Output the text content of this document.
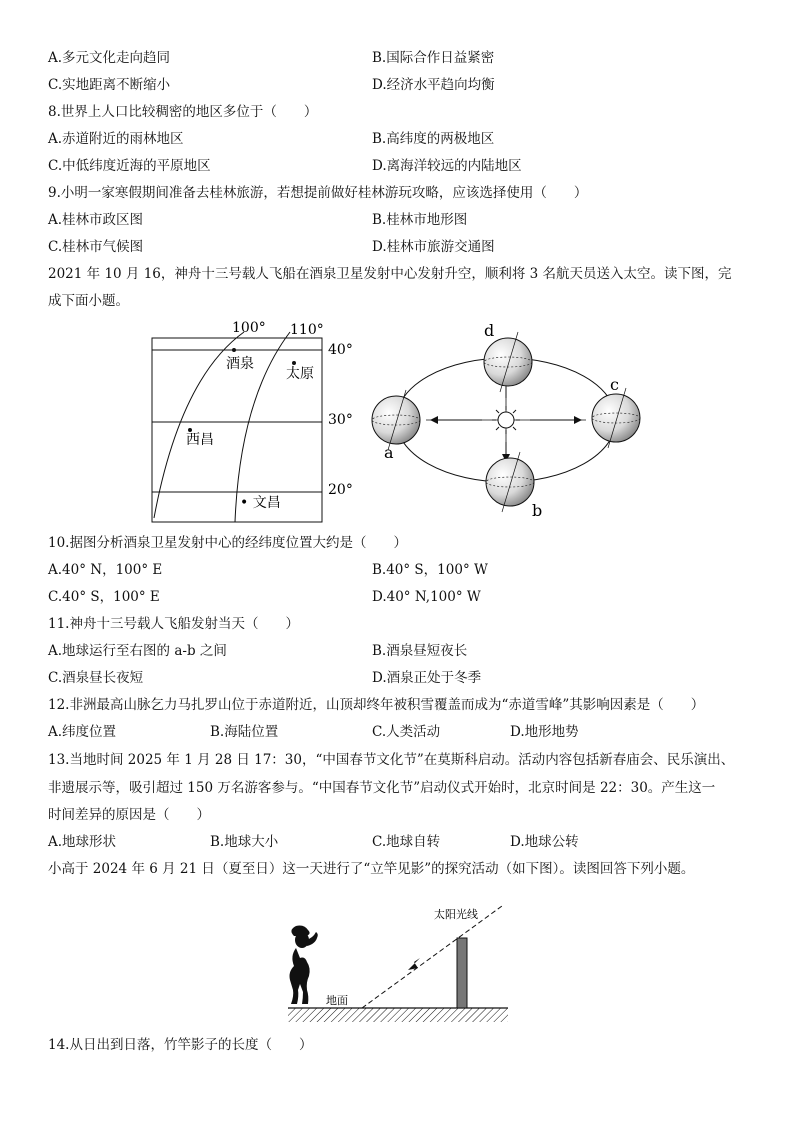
A.多元文化走向趋同	B.国际合作日益紧密
C.实地距离不断缩小	D.经济水平趋向均衡
8.世界上人口比较稠密的地区多位于（　　）
A.赤道附近的雨林地区	B.高纬度的两极地区
C.中低纬度近海的平原地区	D.离海洋较远的内陆地区
9.小明一家寒假期间准备去桂林旅游，若想提前做好桂林游玩攻略，应该选择使用（　　）
A.桂林市政区图	B.桂林市地形图
C.桂林市气候图	D.桂林市旅游交通图
2021 年 10 月 16，神舟十三号载人飞船在酒泉卫星发射中心发射升空，顺利将 3 名航天员送入太空。读下图，完
成下面小题。
100° 110°
40°
30°
20°
酒泉
太原
西昌
• 文昌
a
b
c
d
10.据图分析酒泉卫星发射中心的经纬度位置大约是（　　）
A.40° N，100° E	B.40° S，100° W
C.40° S，100° E	D.40° N,100° W
11.神舟十三号载人飞船发射当天（　　）
A.地球运行至右图的 a-b 之间	B.酒泉昼短夜长
C.酒泉昼长夜短	D.酒泉正处于冬季
12.非洲最高山脉乞力马扎罗山位于赤道附近，山顶却终年被积雪覆盖而成为“赤道雪峰”其影响因素是（　　）
A.纬度位置	B.海陆位置	C.人类活动	D.地形地势
13.当地时间 2025 年 1 月 28 日 17：30，“中国春节文化节”在莫斯科启动。活动内容包括新春庙会、民乐演出、
非遗展示等，吸引超过 150 万名游客参与。“中国春节文化节”启动仪式开始时，北京时间是 22：30。产生这一
时间差异的原因是（　　）
A.地球形状	B.地球大小	C.地球自转	D.地球公转
小高于 2024 年 6 月 21 日（夏至日）这一天进行了“立竿见影”的探究活动（如下图）。读图回答下列小题。
太阳光线
地面
14.从日出到日落，竹竿影子的长度（　　）
